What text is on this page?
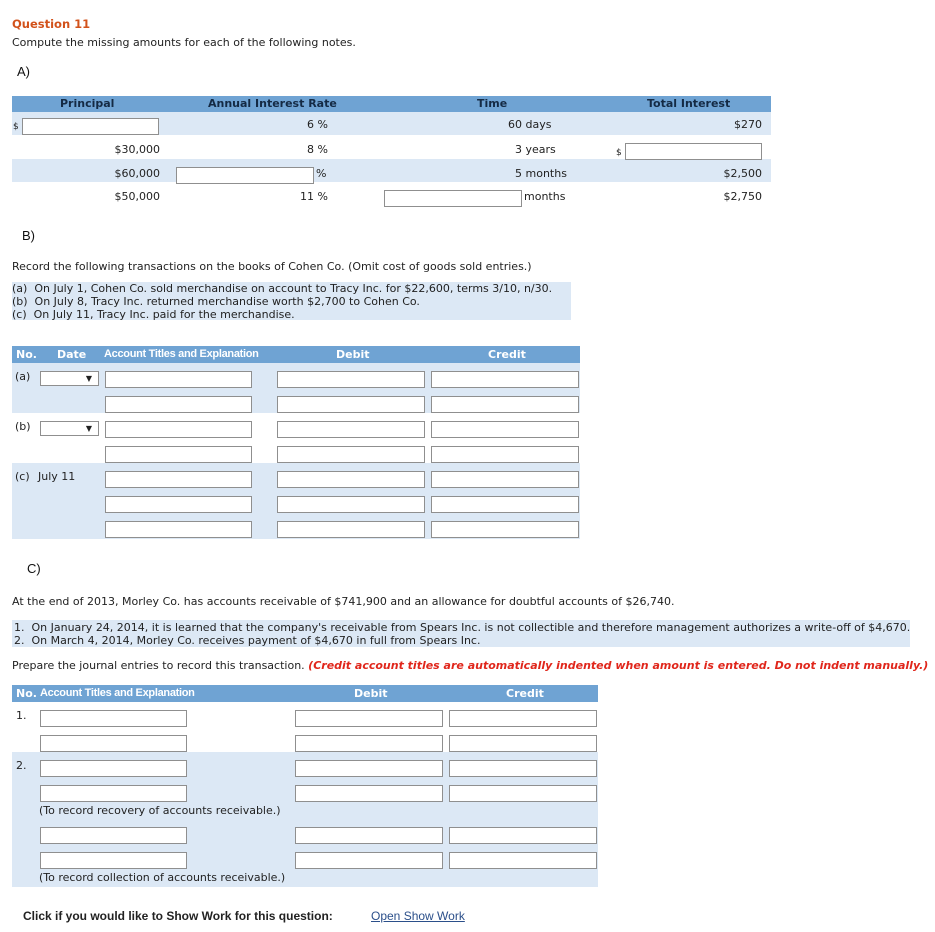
Question 11
Compute the missing amounts for each of the following notes.
A)
Principal	Annual Interest Rate	Time	Total Interest
$	6 %	60 days	$270
$30,000	8 %	3 years	$
$60,000	%	5 months	$2,500
$50,000	11 %	months	$2,750
B)
Record the following transactions on the books of Cohen Co. (Omit cost of goods sold entries.)
(a)  On July 1, Cohen Co. sold merchandise on account to Tracy Inc. for $22,600, terms 3/10, n/30.
(b)  On July 8, Tracy Inc. returned merchandise worth $2,700 to Cohen Co.
(c)  On July 11, Tracy Inc. paid for the merchandise.
No. Date Account Titles and Explanation	Debit	Credit
(a)	▼
(b)	▼
(c) July 11
C)
At the end of 2013, Morley Co. has accounts receivable of $741,900 and an allowance for doubtful accounts of $26,740.
1.  On January 24, 2014, it is learned that the company's receivable from Spears Inc. is not collectible and therefore management authorizes a write-off of $4,670.
2.  On March 4, 2014, Morley Co. receives payment of $4,670 in full from Spears Inc.
Prepare the journal entries to record this transaction. (Credit account titles are automatically indented when amount is entered. Do not indent manually.)
No. Account Titles and Explanation	Debit	Credit
1.
2.
(To record recovery of accounts receivable.)
(To record collection of accounts receivable.)
Click if you would like to Show Work for this question:	Open Show Work
